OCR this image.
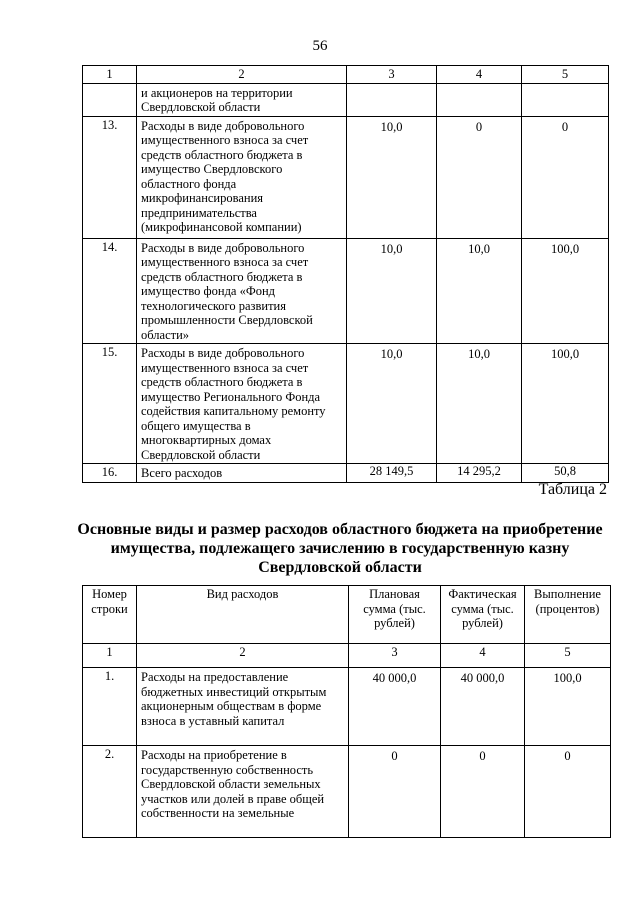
56
1	2	3	4	5
	и акционеров на территории Свердловской области			
13.	Расходы в виде добровольного имущественного взноса за счет средств областного бюджета в имущество Свердловского областного фонда микрофинансирования предпринимательства (микрофинансовой компании)	10,0	0	0
14.	Расходы в виде добровольного имущественного взноса за счет средств областного бюджета в имущество фонда «Фонд технологического развития промышленности Свердловской области»	10,0	10,0	100,0
15.	Расходы в виде добровольного имущественного взноса за счет средств областного бюджета в имущество Регионального Фонда содействия капитальному ремонту общего имущества в многоквартирных домах Свердловской области	10,0	10,0	100,0
16.	Всего расходов	28 149,5	14 295,2	50,8
Таблица 2
Основные виды и размер расходов областного бюджета на приобретение имущества, подлежащего зачислению в государственную казну Свердловской области
Номер строки	Вид расходов	Плановая сумма (тыс. рублей)	Фактическая сумма (тыс. рублей)	Выполнение (процентов)
1	2	3	4	5
1.	Расходы на предоставление бюджетных инвестиций открытым акционерным обществам в форме взноса в уставный капитал	40 000,0	40 000,0	100,0
2.	Расходы на приобретение в государственную собственность Свердловской области земельных участков или долей в праве общей собственности на земельные	0	0	0
